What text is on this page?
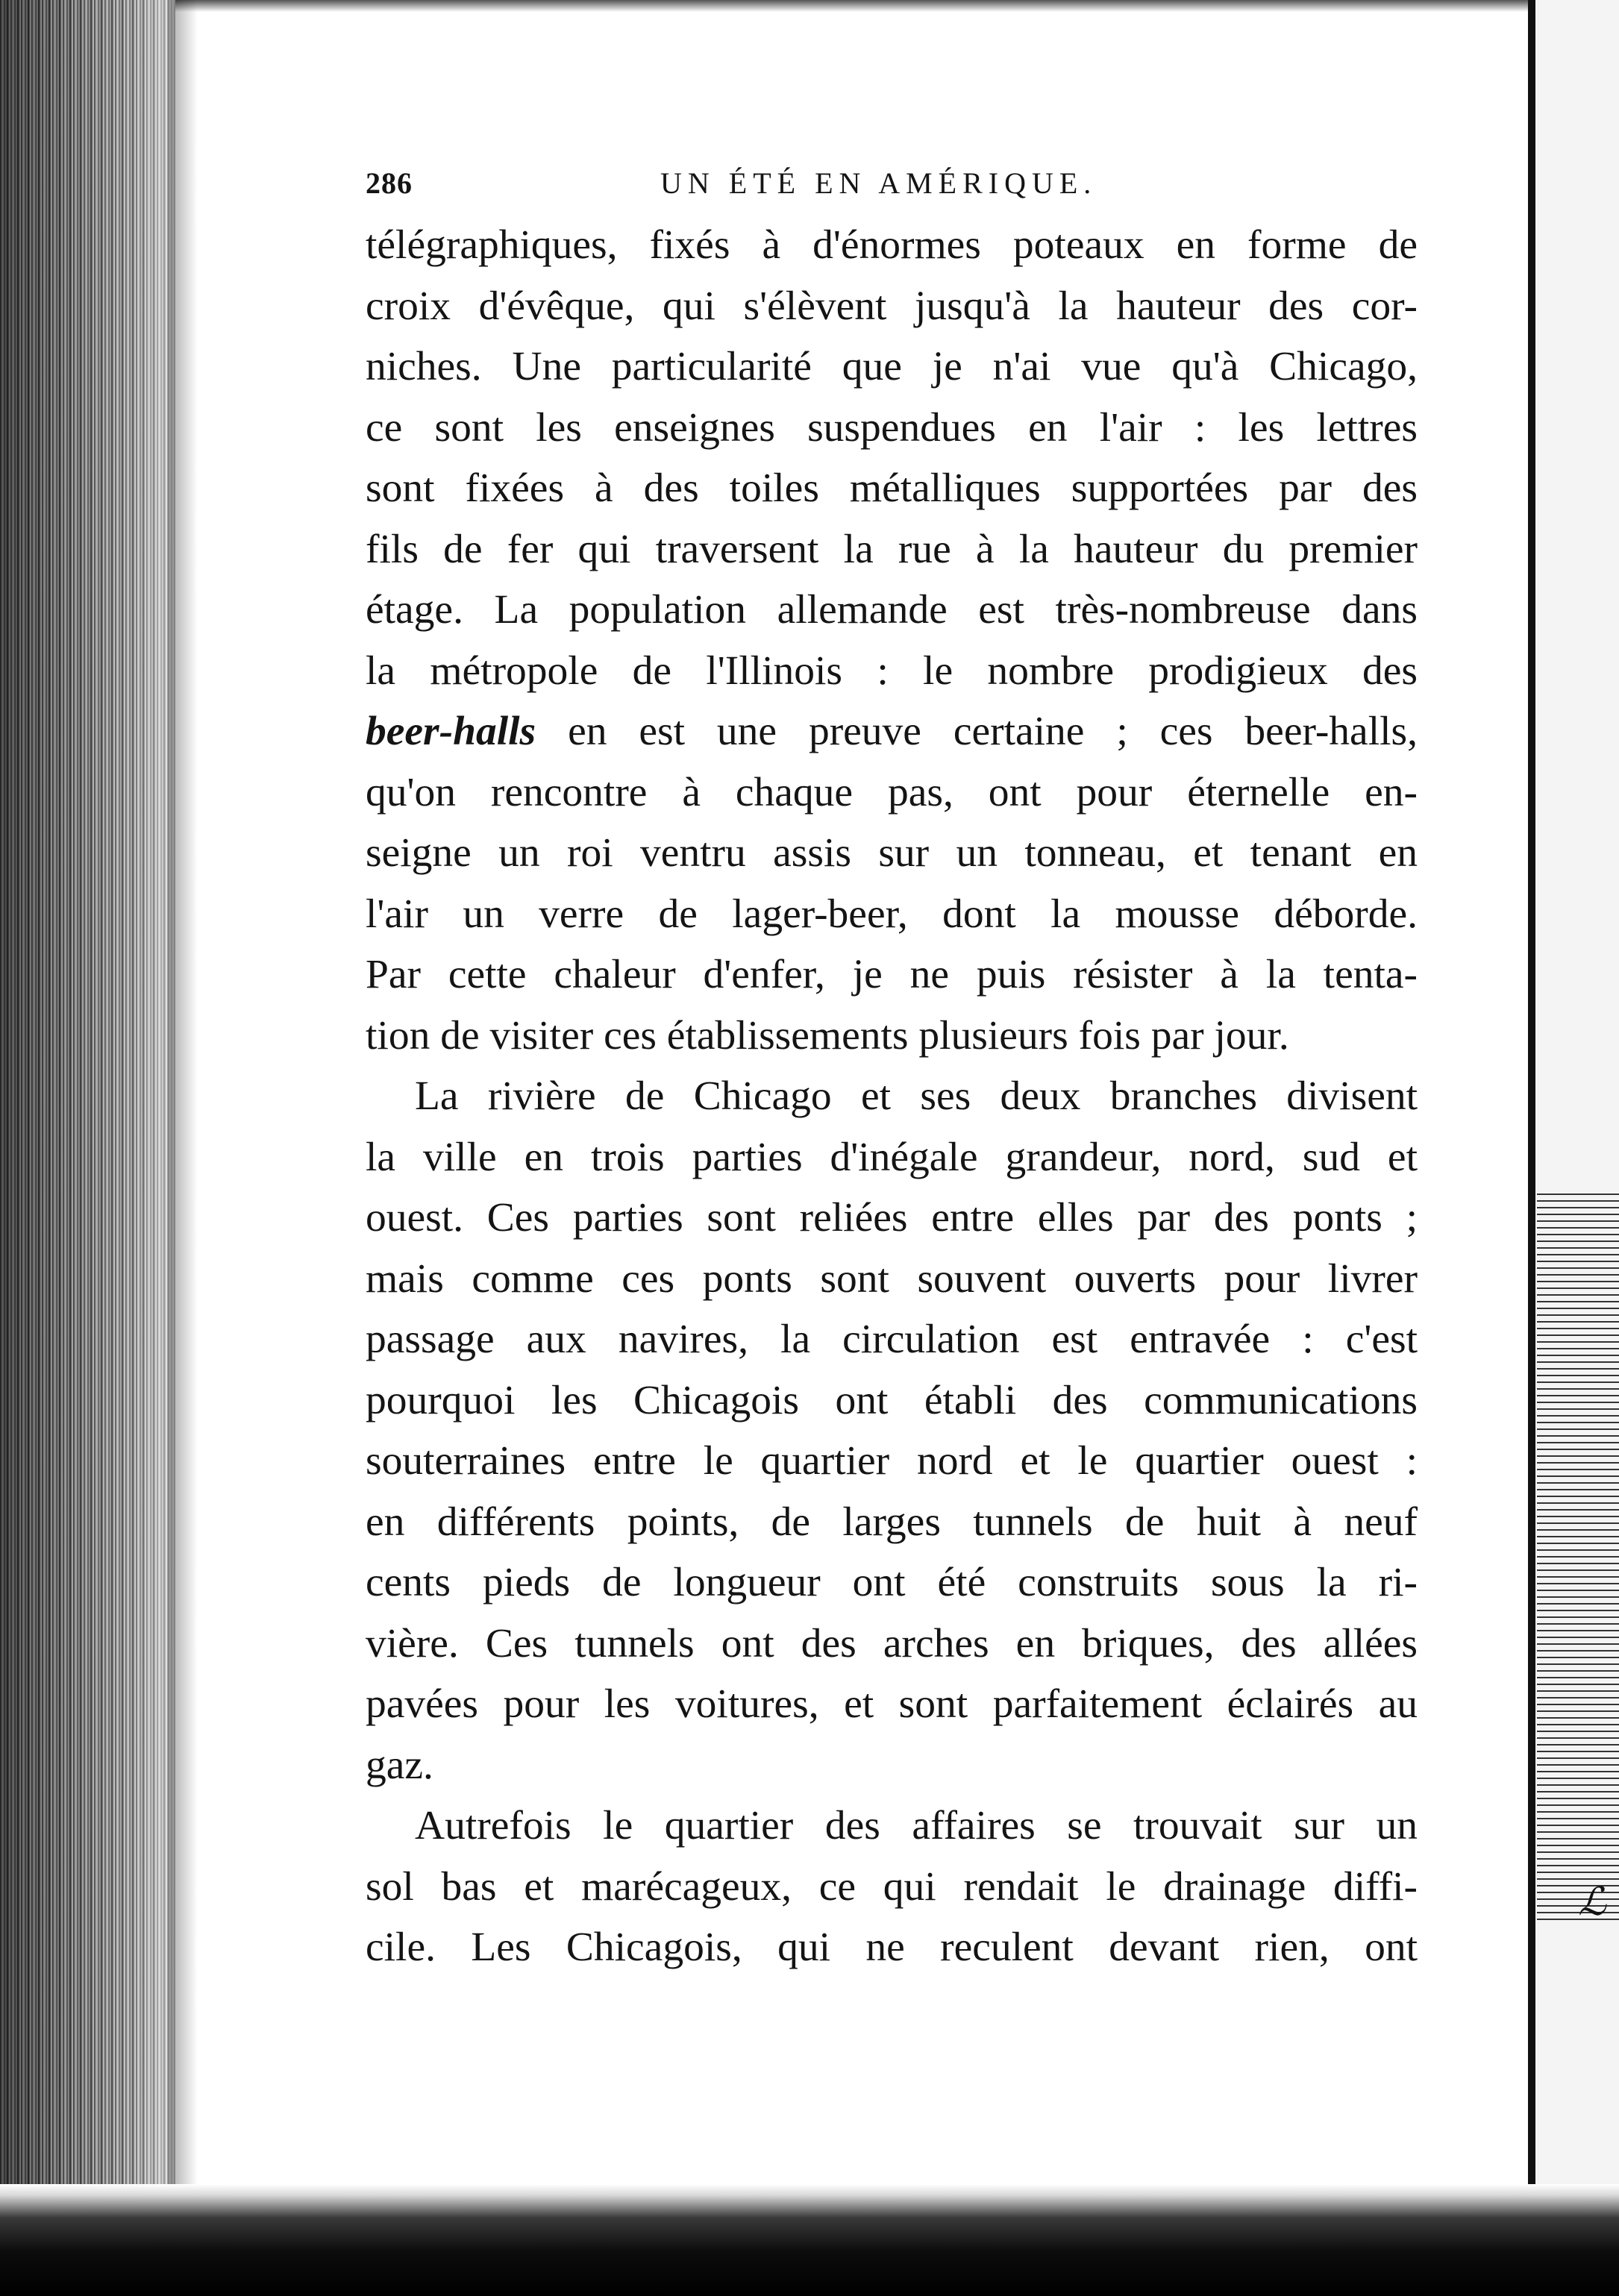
ℒ
286	UN ÉTÉ EN AMÉRIQUE.

télégraphiques, fixés à d'énormes poteaux en forme de
croix d'évêque, qui s'élèvent jusqu'à la hauteur des cor-
niches. Une particularité que je n'ai vue qu'à Chicago,
ce sont les enseignes suspendues en l'air : les lettres
sont fixées à des toiles métalliques supportées par des
fils de fer qui traversent la rue à la hauteur du premier
étage. La population allemande est très-nombreuse dans
la métropole de l'Illinois : le nombre prodigieux des
beer-halls en est une preuve certaine ; ces beer-halls,
qu'on rencontre à chaque pas, ont pour éternelle en-
seigne un roi ventru assis sur un tonneau, et tenant en
l'air un verre de lager-beer, dont la mousse déborde.
Par cette chaleur d'enfer, je ne puis résister à la tenta-
tion de visiter ces établissements plusieurs fois par jour.

La rivière de Chicago et ses deux branches divisent
la ville en trois parties d'inégale grandeur, nord, sud et
ouest. Ces parties sont reliées entre elles par des ponts ;
mais comme ces ponts sont souvent ouverts pour livrer
passage aux navires, la circulation est entravée : c'est
pourquoi les Chicagois ont établi des communications
souterraines entre le quartier nord et le quartier ouest :
en différents points, de larges tunnels de huit à neuf
cents pieds de longueur ont été construits sous la ri-
vière. Ces tunnels ont des arches en briques, des allées
pavées pour les voitures, et sont parfaitement éclairés au
gaz.

Autrefois le quartier des affaires se trouvait sur un
sol bas et marécageux, ce qui rendait le drainage diffi-
cile. Les Chicagois, qui ne reculent devant rien, ont
